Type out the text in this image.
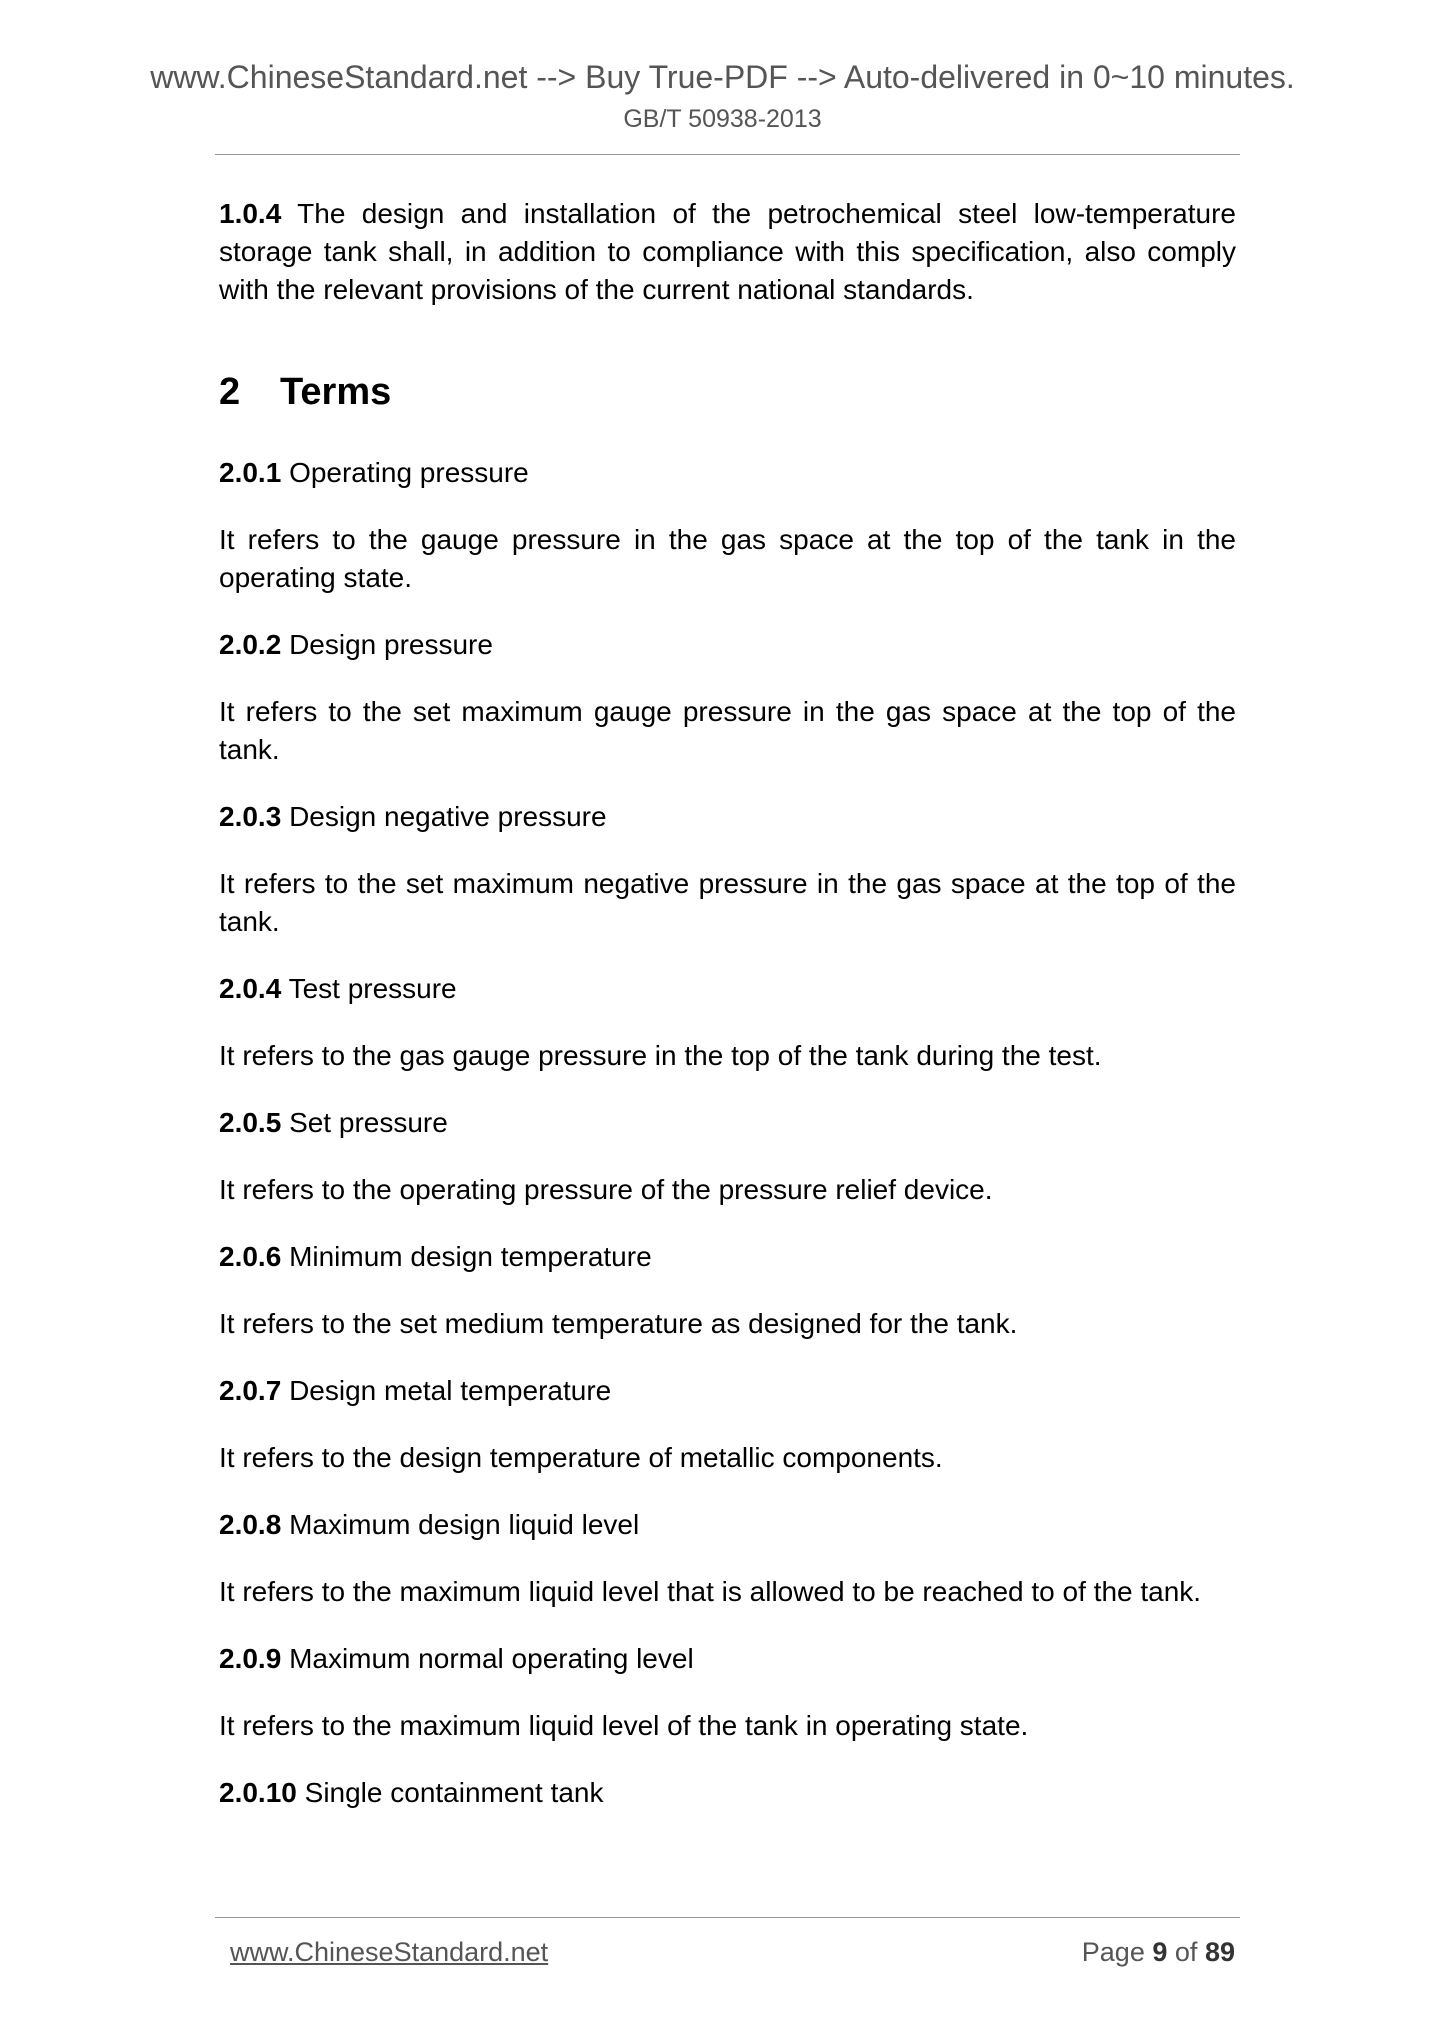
www.ChineseStandard.net --> Buy True-PDF --> Auto-delivered in 0~10 minutes.
GB/T 50938-2013

1.0.4 The design and installation of the petrochemical steel low-temperature storage tank shall, in addition to compliance with this specification, also comply with the relevant provisions of the current national standards.

2 Terms
2.0.1 Operating pressure

It refers to the gauge pressure in the gas space at the top of the tank in the operating state.

2.0.2 Design pressure

It refers to the set maximum gauge pressure in the gas space at the top of the tank.

2.0.3 Design negative pressure

It refers to the set maximum negative pressure in the gas space at the top of the tank.

2.0.4 Test pressure

It refers to the gas gauge pressure in the top of the tank during the test.

2.0.5 Set pressure

It refers to the operating pressure of the pressure relief device.

2.0.6 Minimum design temperature

It refers to the set medium temperature as designed for the tank.

2.0.7 Design metal temperature

It refers to the design temperature of metallic components.

2.0.8 Maximum design liquid level

It refers to the maximum liquid level that is allowed to be reached to of the tank.

2.0.9 Maximum normal operating level

It refers to the maximum liquid level of the tank in operating state.

2.0.10 Single containment tank
www.ChineseStandard.net	Page 9 of 89
